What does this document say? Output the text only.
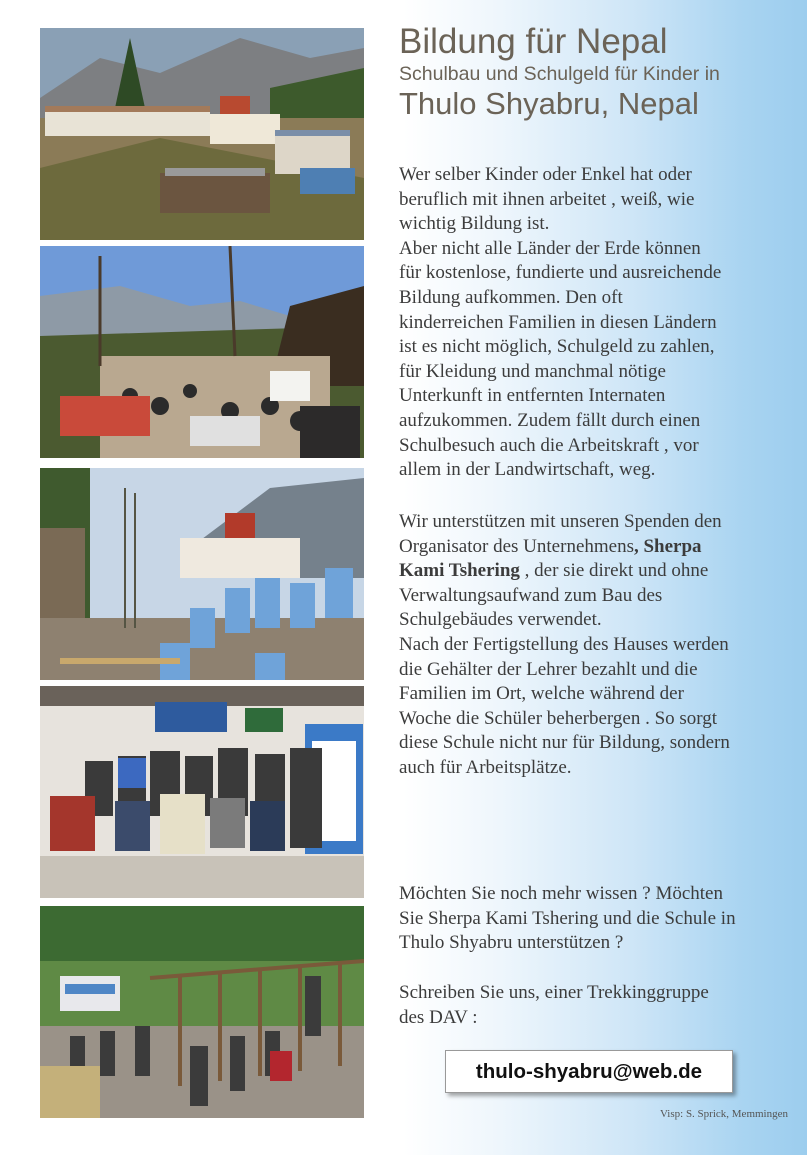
Bildung für Nepal
Schulbau und Schulgeld für Kinder in
Thulo Shyabru, Nepal

Wer selber Kinder oder Enkel hat oder
beruflich mit ihnen arbeitet , weiß, wie
wichtig Bildung ist.
Aber nicht alle Länder der Erde können
für kostenlose, fundierte und ausreichende
Bildung aufkommen. Den oft
kinderreichen Familien in diesen Ländern
ist es nicht möglich, Schulgeld zu zahlen,
für Kleidung und manchmal nötige
Unterkunft in entfernten Internaten
aufzukommen. Zudem fällt durch einen
Schulbesuch auch die Arbeitskraft , vor
allem in der Landwirtschaft, weg.

Wir unterstützen mit unseren Spenden den
Organisator des Unternehmens, Sherpa
Kami Tshering , der sie direkt und ohne
Verwaltungsaufwand zum Bau des
Schulgebäudes verwendet.
Nach der Fertigstellung des Hauses werden
die Gehälter der Lehrer bezahlt und die
Familien im Ort, welche während der
Woche die Schüler beherbergen . So sorgt
diese Schule nicht nur für Bildung, sondern
auch für Arbeitsplätze.

Möchten Sie noch mehr wissen ? Möchten
Sie Sherpa Kami Tshering und die Schule in
Thulo Shyabru unterstützen ?

Schreiben Sie uns, einer Trekkinggruppe
des DAV :

thulo-shyabru@web.de
Visp: S. Sprick, Memmingen
